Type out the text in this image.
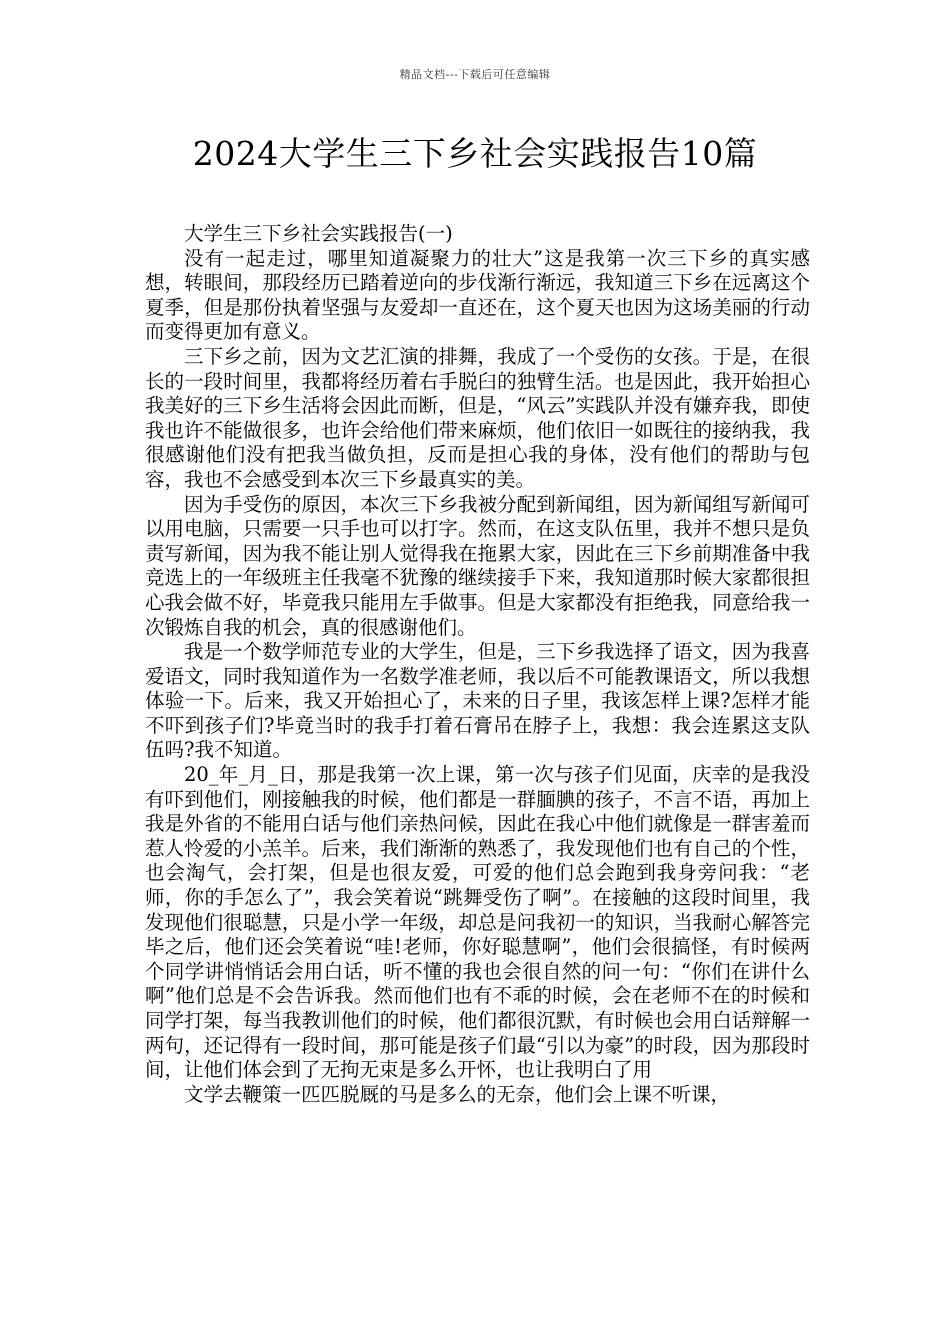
精品文档---下载后可任意编辑
2024大学生三下乡社会实践报告10篇

大学生三下乡社会实践报告(一)

没有一起走过，哪里知道凝聚力的壮大”这是我第一次三下乡的真实感想，转眼间，那段经历已踏着逆向的步伐渐行渐远，我知道三下乡在远离这个夏季，但是那份执着坚强与友爱却一直还在，这个夏天也因为这场美丽的行动而变得更加有意义。

三下乡之前，因为文艺汇演的排舞，我成了一个受伤的女孩。于是，在很长的一段时间里，我都将经历着右手脱臼的独臂生活。也是因此，我开始担心我美好的三下乡生活将会因此而断，但是，“风云”实践队并没有嫌弃我，即使我也许不能做很多，也许会给他们带来麻烦，他们依旧一如既往的接纳我，我很感谢他们没有把我当做负担，反而是担心我的身体，没有他们的帮助与包容，我也不会感受到本次三下乡最真实的美。

因为手受伤的原因，本次三下乡我被分配到新闻组，因为新闻组写新闻可以用电脑，只需要一只手也可以打字。然而，在这支队伍里，我并不想只是负责写新闻，因为我不能让别人觉得我在拖累大家，因此在三下乡前期准备中我竞选上的一年级班主任我毫不犹豫的继续接手下来，我知道那时候大家都很担心我会做不好，毕竟我只能用左手做事。但是大家都没有拒绝我，同意给我一次锻炼自我的机会，真的很感谢他们。

我是一个数学师范专业的大学生，但是，三下乡我选择了语文，因为我喜爱语文，同时我知道作为一名数学准老师，我以后不可能教课语文，所以我想体验一下。后来，我又开始担心了，未来的日子里，我该怎样上课?怎样才能不吓到孩子们?毕竟当时的我手打着石膏吊在脖子上，我想：我会连累这支队伍吗?我不知道。

20_年_月_日，那是我第一次上课，第一次与孩子们见面，庆幸的是我没有吓到他们，刚接触我的时候，他们都是一群腼腆的孩子，不言不语，再加上我是外省的不能用白话与他们亲热问候，因此在我心中他们就像是一群害羞而惹人怜爱的小羔羊。后来，我们渐渐的熟悉了，我发现他们也有自己的个性，也会淘气，会打架，但是也很友爱，可爱的他们总会跑到我身旁问我：“老师，你的手怎么了”，我会笑着说“跳舞受伤了啊”。在接触的这段时间里，我发现他们很聪慧，只是小学一年级，却总是问我初一的知识，当我耐心解答完毕之后，他们还会笑着说“哇!老师，你好聪慧啊”，他们会很搞怪，有时候两个同学讲悄悄话会用白话，听不懂的我也会很自然的问一句：“你们在讲什么啊”他们总是不会告诉我。然而他们也有不乖的时候，会在老师不在的时候和同学打架，每当我教训他们的时候，他们都很沉默，有时候也会用白话辩解一两句，还记得有一段时间，那可能是孩子们最“引以为豪”的时段，因为那段时间，让他们体会到了无拘无束是多么开怀，也让我明白了用

文学去鞭策一匹匹脱厩的马是多么的无奈，他们会上课不听课，
